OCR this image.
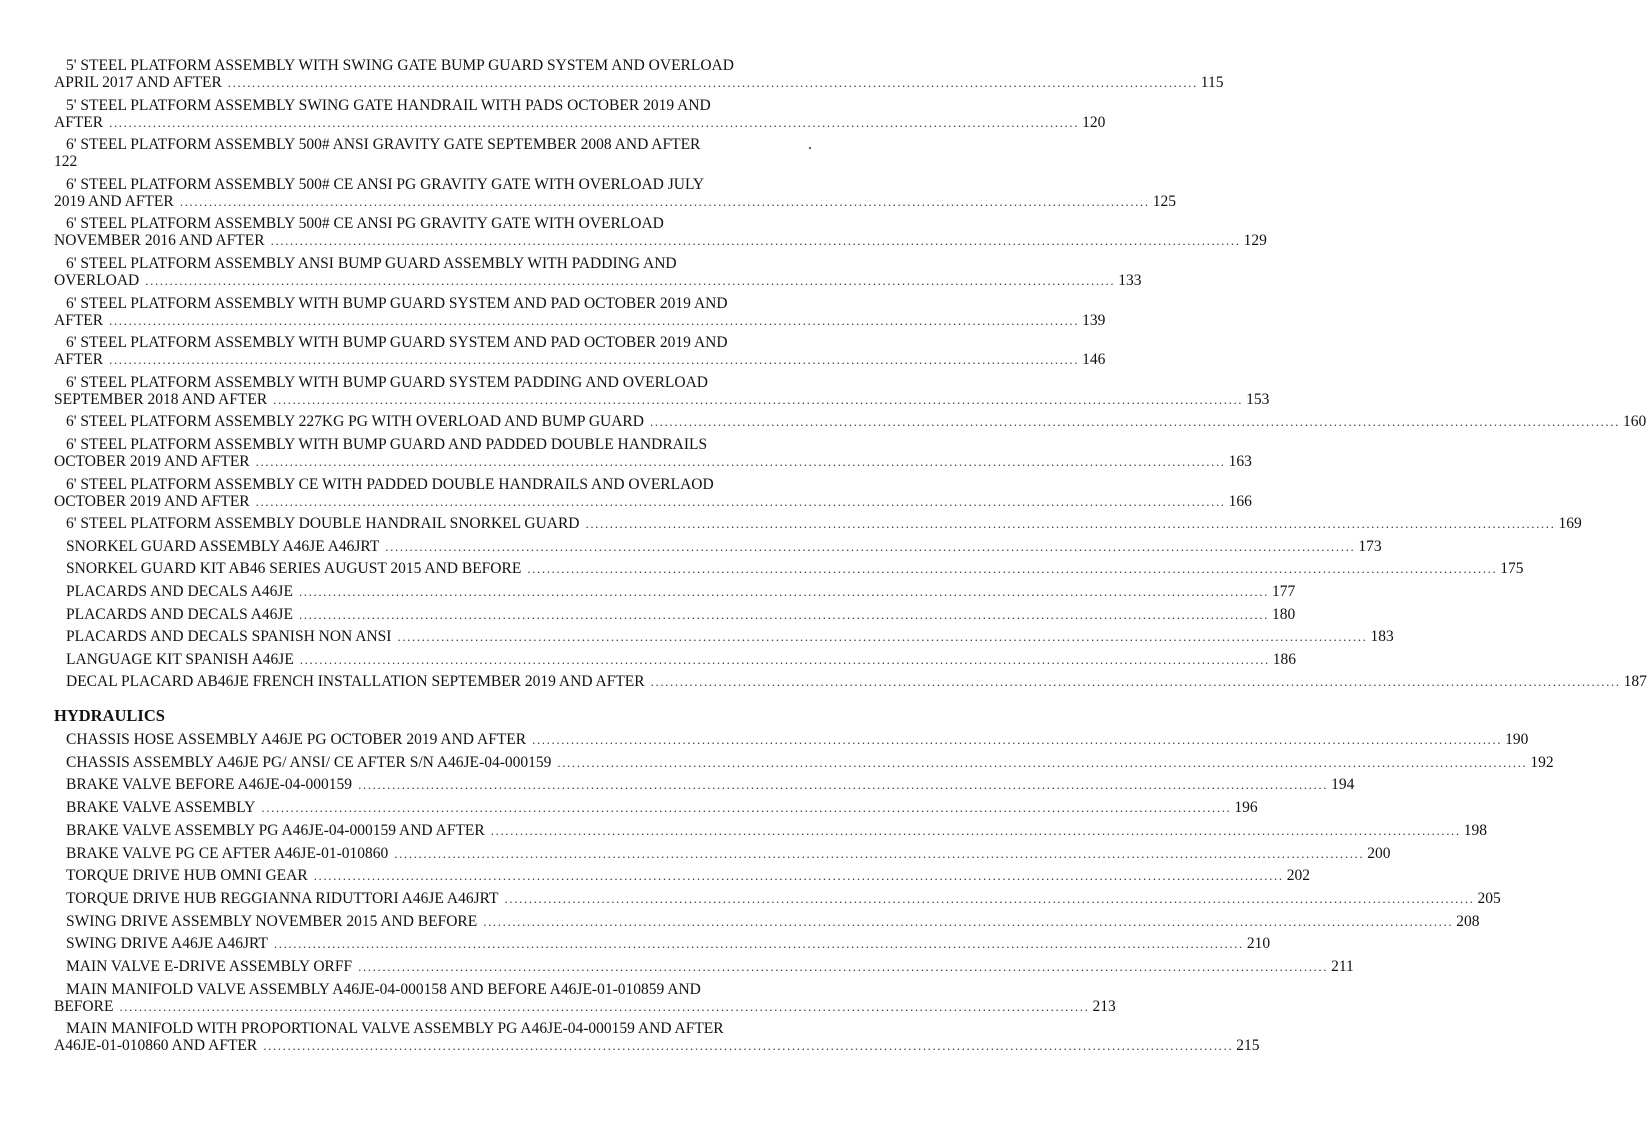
5' STEEL PLATFORM ASSEMBLY WITH SWING GATE BUMP GUARD SYSTEM AND OVERLOAD
APRIL 2017 AND AFTER ........................................................................................................................................................................................................ 115
5' STEEL PLATFORM ASSEMBLY SWING GATE HANDRAIL WITH PADS OCTOBER 2019 AND
AFTER ........................................................................................................................................................................................................ 120
6' STEEL PLATFORM ASSEMBLY 500# ANSI GRAVITY GATE SEPTEMBER 2008 AND AFTER	.
122
6' STEEL PLATFORM ASSEMBLY 500# CE ANSI PG GRAVITY GATE WITH OVERLOAD JULY
2019 AND AFTER ........................................................................................................................................................................................................ 125
6' STEEL PLATFORM ASSEMBLY 500# CE ANSI PG GRAVITY GATE WITH OVERLOAD
NOVEMBER 2016 AND AFTER ........................................................................................................................................................................................................ 129
6' STEEL PLATFORM ASSEMBLY ANSI BUMP GUARD ASSEMBLY WITH PADDING AND
OVERLOAD ........................................................................................................................................................................................................ 133
6' STEEL PLATFORM ASSEMBLY WITH BUMP GUARD SYSTEM AND PAD OCTOBER 2019 AND
AFTER ........................................................................................................................................................................................................ 139
6' STEEL PLATFORM ASSEMBLY WITH BUMP GUARD SYSTEM AND PAD OCTOBER 2019 AND
AFTER ........................................................................................................................................................................................................ 146
6' STEEL PLATFORM ASSEMBLY WITH BUMP GUARD SYSTEM PADDING AND OVERLOAD
SEPTEMBER 2018 AND AFTER ........................................................................................................................................................................................................ 153
6' STEEL PLATFORM ASSEMBLY 227KG PG WITH OVERLOAD AND BUMP GUARD ........................................................................................................................................................................................................ 160
6' STEEL PLATFORM ASSEMBLY WITH BUMP GUARD AND PADDED DOUBLE HANDRAILS
OCTOBER 2019 AND AFTER ........................................................................................................................................................................................................ 163
6' STEEL PLATFORM ASSEMBLY CE WITH PADDED DOUBLE HANDRAILS AND OVERLAOD
OCTOBER 2019 AND AFTER ........................................................................................................................................................................................................ 166
6' STEEL PLATFORM ASSEMBLY DOUBLE HANDRAIL SNORKEL GUARD ........................................................................................................................................................................................................ 169
SNORKEL GUARD ASSEMBLY A46JE A46JRT ........................................................................................................................................................................................................ 173
SNORKEL GUARD KIT AB46 SERIES AUGUST 2015 AND BEFORE ........................................................................................................................................................................................................ 175
PLACARDS AND DECALS A46JE ........................................................................................................................................................................................................ 177
PLACARDS AND DECALS A46JE ........................................................................................................................................................................................................ 180
PLACARDS AND DECALS SPANISH NON ANSI ........................................................................................................................................................................................................ 183
LANGUAGE KIT SPANISH A46JE ........................................................................................................................................................................................................ 186
DECAL PLACARD AB46JE FRENCH INSTALLATION SEPTEMBER 2019 AND AFTER ........................................................................................................................................................................................................ 187
HYDRAULICS
CHASSIS HOSE ASSEMBLY A46JE PG OCTOBER 2019 AND AFTER ........................................................................................................................................................................................................ 190
CHASSIS ASSEMBLY A46JE PG/ ANSI/ CE AFTER S/N A46JE-04-000159 ........................................................................................................................................................................................................ 192
BRAKE VALVE BEFORE A46JE-04-000159 ........................................................................................................................................................................................................ 194
BRAKE VALVE ASSEMBLY ........................................................................................................................................................................................................ 196
BRAKE VALVE ASSEMBLY PG A46JE-04-000159 AND AFTER ........................................................................................................................................................................................................ 198
BRAKE VALVE PG CE AFTER A46JE-01-010860 ........................................................................................................................................................................................................ 200
TORQUE DRIVE HUB OMNI GEAR ........................................................................................................................................................................................................ 202
TORQUE DRIVE HUB REGGIANNA RIDUTTORI A46JE A46JRT ........................................................................................................................................................................................................ 205
SWING DRIVE ASSEMBLY NOVEMBER 2015 AND BEFORE ........................................................................................................................................................................................................ 208
SWING DRIVE A46JE A46JRT ........................................................................................................................................................................................................ 210
MAIN VALVE E-DRIVE ASSEMBLY ORFF ........................................................................................................................................................................................................ 211
MAIN MANIFOLD VALVE ASSEMBLY A46JE-04-000158 AND BEFORE A46JE-01-010859 AND
BEFORE ........................................................................................................................................................................................................ 213
MAIN MANIFOLD WITH PROPORTIONAL VALVE ASSEMBLY PG A46JE-04-000159 AND AFTER
A46JE-01-010860 AND AFTER ........................................................................................................................................................................................................ 215
